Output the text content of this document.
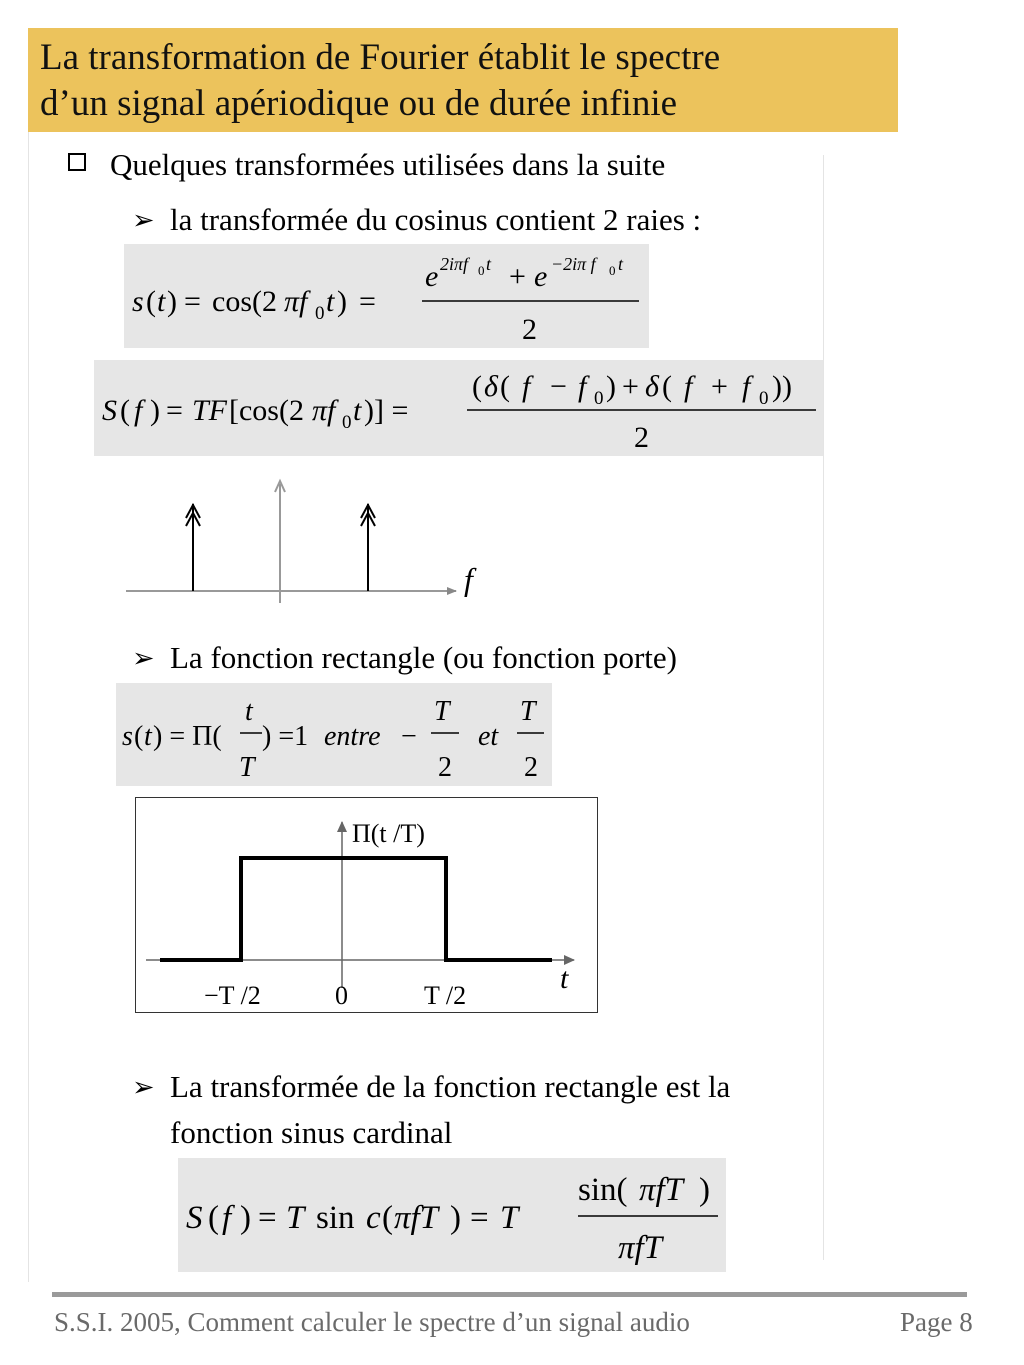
La transformation de Fourier établit le spectre
d’un signal apériodique ou de durée infinie
Quelques transformées utilisées dans la suite
➢ la transformée du cosinus contient 2 raies :
s ( t ) = cos(2 πf 0 t ) =
e 2iπf 0 t + e −2iπ f 0 t
2
S ( f ) = TF [cos(2 πf 0 t )] =
( δ ( f − f 0 ) + δ ( f + f 0 ))
2
f
➢ La fonction rectangle (ou fonction porte)
s ( t ) = Π(
t
T
) =1 entre −
T
2
et
T
2
Π(t /T)
t
−T /2	0	T /2
➢ La transformée de la fonction rectangle est la
fonction sinus cardinal
S ( f ) = T sin c ( πfT ) = T
sin( πfT )
πfT
S.S.I. 2005, Comment calculer le spectre d’un signal audio	Page 8
